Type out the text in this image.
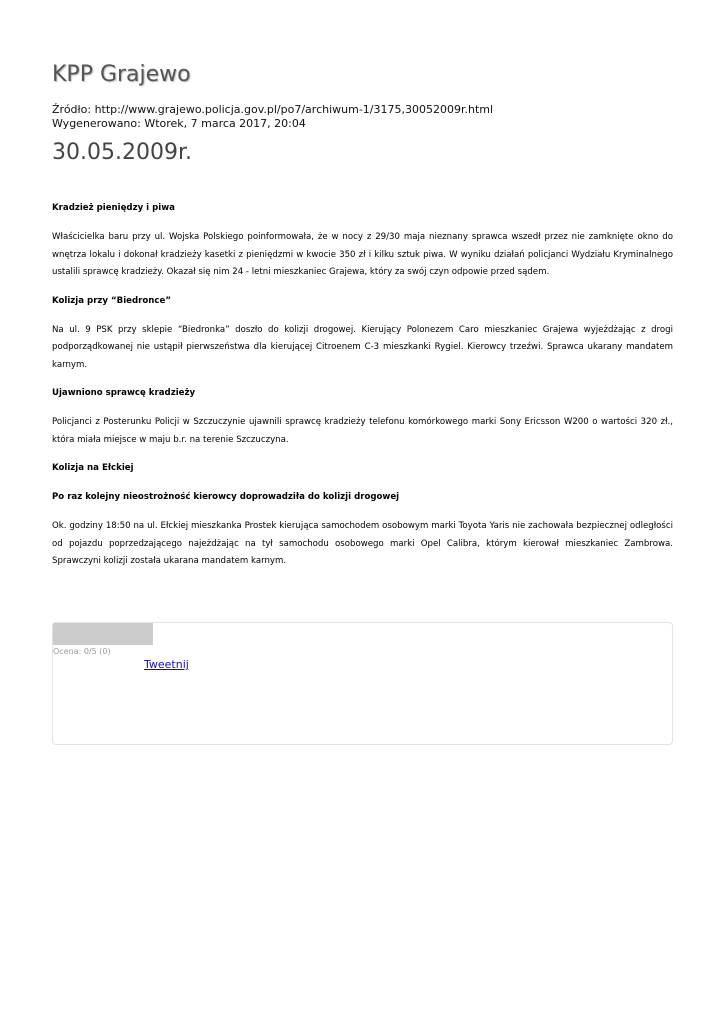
KPP Grajewo
Źródło: http://www.grajewo.policja.gov.pl/po7/archiwum-1/3175,30052009r.html
Wygenerowano: Wtorek, 7 marca 2017, 20:04
30.05.2009r.
Kradzież pieniędzy i piwa

Właścicielka baru przy ul. Wojska Polskiego poinformowała, że w nocy z 29/30 maja nieznany sprawca wszedł przez nie zamknięte okno do wnętrza lokalu i dokonał kradzieży kasetki z pieniędzmi w kwocie 350 zł i kilku sztuk piwa. W wyniku działań policjanci Wydziału Kryminalnego ustalili sprawcę kradzieży. Okazał się nim 24 - letni mieszkaniec Grajewa, który za swój czyn odpowie przed sądem.

Kolizja przy “Biedronce”

Na ul. 9 PSK przy sklepie “Biedronka” doszło do kolizji drogowej. Kierujący Polonezem Caro mieszkaniec Grajewa wyjeżdżając z drogi podporządkowanej nie ustąpił pierwszeństwa dla kierującej Citroenem C-3 mieszkanki Rygiel. Kierowcy trzeźwi. Sprawca ukarany mandatem karnym.

Ujawniono sprawcę kradzieży

Policjanci z Posterunku Policji w Szczuczynie ujawnili sprawcę kradzieży telefonu komórkowego marki Sony Ericsson W200 o wartości 320 zł., która miała miejsce w maju b.r. na terenie Szczuczyna.

Kolizja na Ełckiej
Po raz kolejny nieostrożność kierowcy doprowadziła do kolizji drogowej

Ok. godziny 18:50 na ul. Ełckiej mieszkanka Prostek kierująca samochodem osobowym marki Toyota Yaris nie zachowała bezpiecznej odległości od pojazdu poprzedzającego najeżdżając na tył samochodu osobowego marki Opel Calibra, którym kierował mieszkaniec Zambrowa. Sprawczyni kolizji została ukarana mandatem karnym.

Ocena: 0/5 (0)
Tweetnij
